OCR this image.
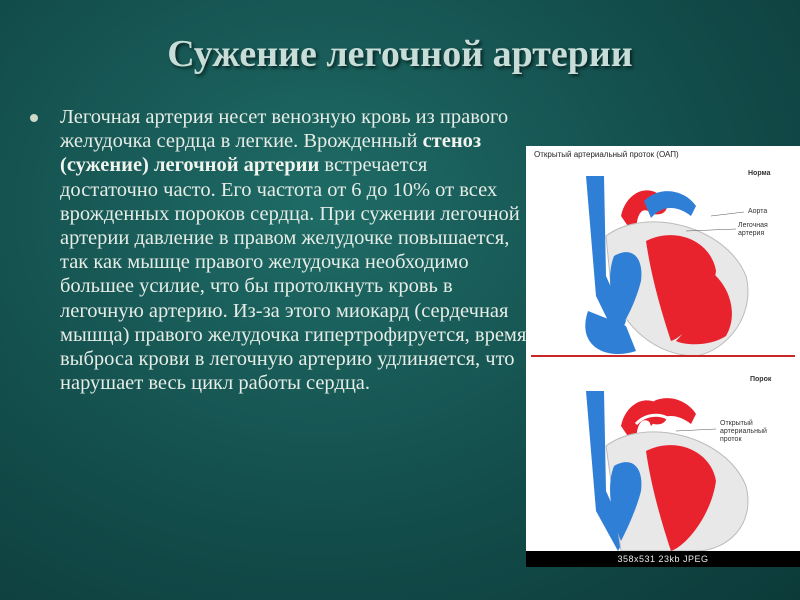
Сужение легочной артерии
Легочная артерия несет венозную кровь из правого желудочка сердца в легкие. Врожденный стеноз (сужение) легочной артерии встречается достаточно часто. Его частота от 6 до 10% от всех врожденных пороков сердца. При сужении легочной артерии давление в правом желудочке повышается, так как мышце правого желудочка необходимо большее усилие, что бы протолкнуть кровь в легочную артерию. Из-за этого миокард (сердечная мышца) правого желудочка гипертрофируется, время выброса крови в легочную артерию удлиняется, что нарушает весь цикл работы сердца.
Открытый артериальный проток (ОАП)
Норма
Аорта
Легочная
артерия
Порок
Открытый
артериальный
проток
358x531 23kb JPEG
